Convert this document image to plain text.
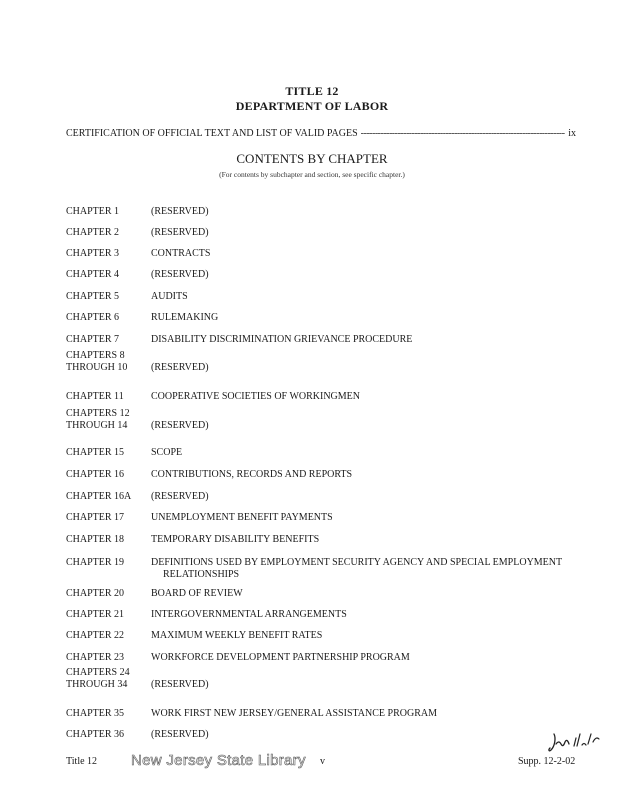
TITLE 12
DEPARTMENT OF LABOR
CERTIFICATION OF OFFICIAL TEXT AND LIST OF VALID PAGES
-----	ix
CONTENTS BY CHAPTER
(For contents by subchapter and section, see specific chapter.)
CHAPTER 1	(RESERVED)
CHAPTER 2	(RESERVED)
CHAPTER 3	CONTRACTS
CHAPTER 4	(RESERVED)
CHAPTER 5	AUDITS
CHAPTER 6	RULEMAKING
CHAPTER 7	DISABILITY DISCRIMINATION GRIEVANCE PROCEDURE
CHAPTERS 8
THROUGH 10	(RESERVED)
CHAPTER 11	COOPERATIVE SOCIETIES OF WORKINGMEN
CHAPTERS 12
THROUGH 14	(RESERVED)
CHAPTER 15	SCOPE
CHAPTER 16	CONTRIBUTIONS, RECORDS AND REPORTS
CHAPTER 16A	(RESERVED)
CHAPTER 17	UNEMPLOYMENT BENEFIT PAYMENTS
CHAPTER 18	TEMPORARY DISABILITY BENEFITS
CHAPTER 19	DEFINITIONS USED BY EMPLOYMENT SECURITY AGENCY AND SPECIAL EMPLOYMENT
RELATIONSHIPS
CHAPTER 20	BOARD OF REVIEW
CHAPTER 21	INTERGOVERNMENTAL ARRANGEMENTS
CHAPTER 22	MAXIMUM WEEKLY BENEFIT RATES
CHAPTER 23	WORKFORCE DEVELOPMENT PARTNERSHIP PROGRAM
CHAPTERS 24
THROUGH 34	(RESERVED)
CHAPTER 35	WORK FIRST NEW JERSEY/GENERAL ASSISTANCE PROGRAM
CHAPTER 36	(RESERVED)
Title 12 New Jersey State Library v	Supp. 12-2-02
